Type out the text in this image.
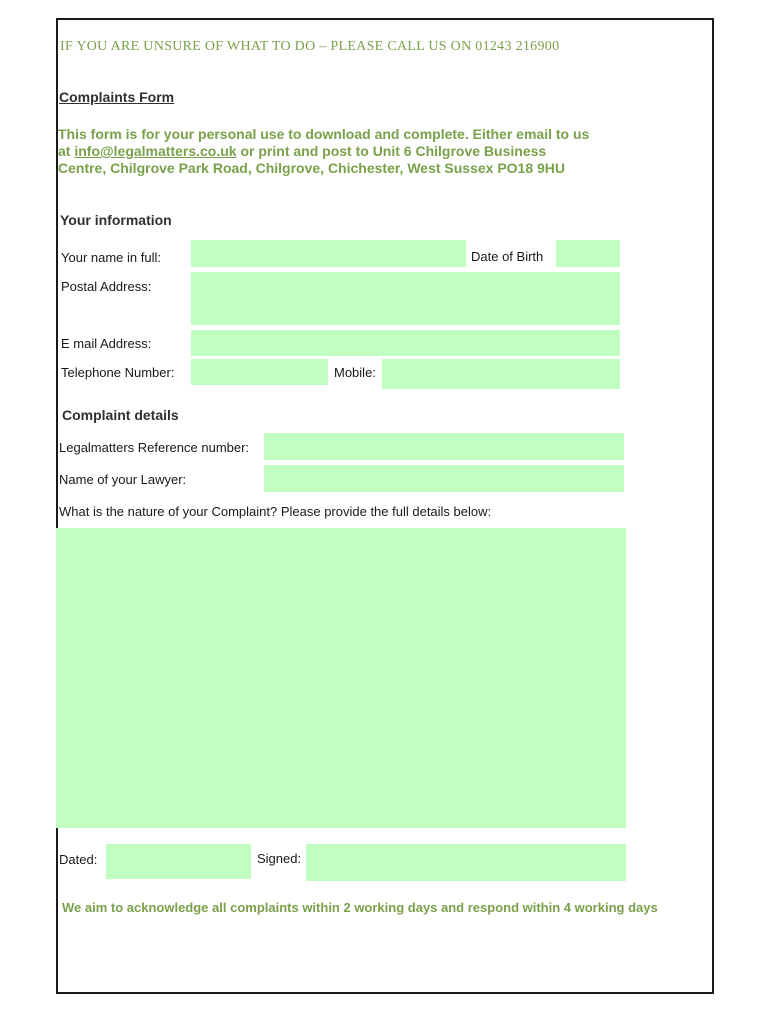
IF YOU ARE UNSURE OF WHAT TO DO – PLEASE CALL US ON 01243 216900
Complaints Form
This form is for your personal use to download and complete. Either email to us at info@legalmatters.co.uk or print and post to Unit 6 Chilgrove Business Centre, Chilgrove Park Road, Chilgrove, Chichester, West Sussex PO18 9HU
Your information
Your name in full:	Date of Birth
Postal Address:
E mail Address:
Telephone Number:	Mobile:
Complaint details
Legalmatters Reference number:
Name of your Lawyer:
What is the nature of your Complaint? Please provide the full details below:
Dated:	Signed:
We aim to acknowledge all complaints within 2 working days and respond within 4 working days
